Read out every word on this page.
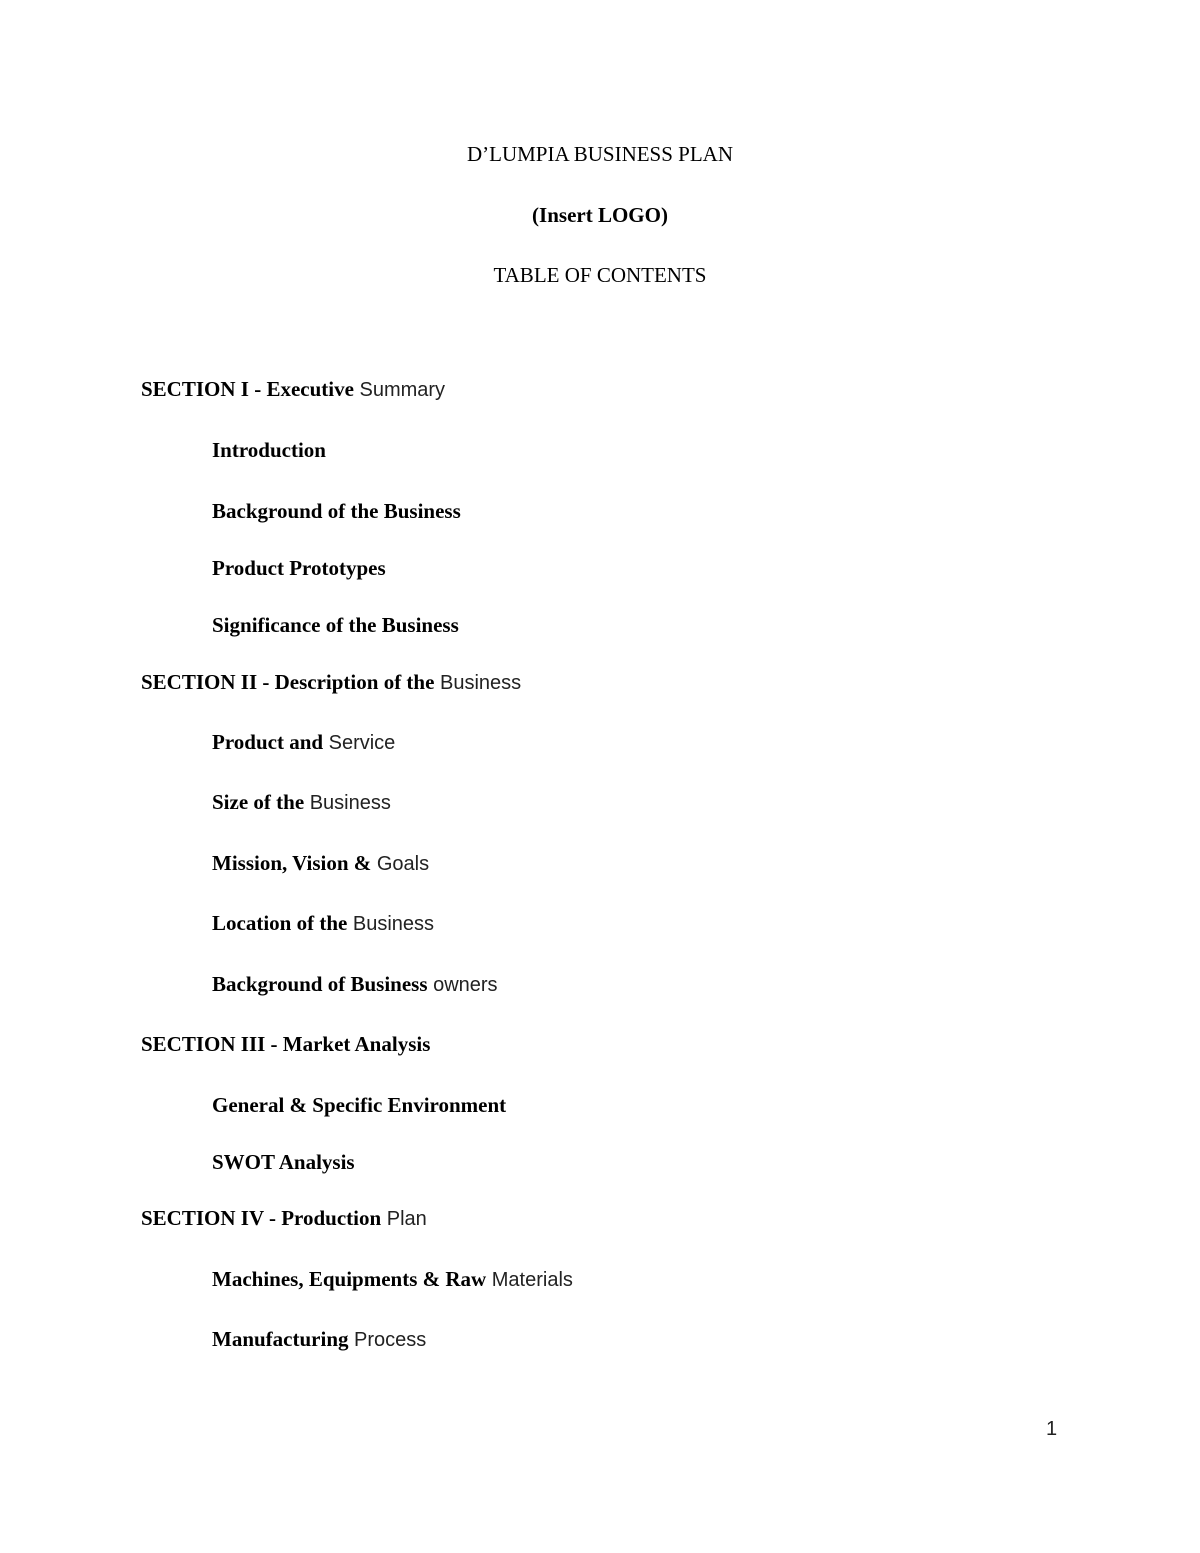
D’LUMPIA BUSINESS PLAN
(Insert LOGO)
TABLE OF CONTENTS
SECTION I - Executive Summary
Introduction
Background of the Business
Product Prototypes
Significance of the Business
SECTION II - Description of the Business
Product and Service
Size of the Business
Mission, Vision & Goals
Location of the Business
Background of Business owners
SECTION III - Market Analysis
General & Specific Environment
SWOT Analysis
SECTION IV - Production Plan
Machines, Equipments & Raw Materials
Manufacturing Process
1
